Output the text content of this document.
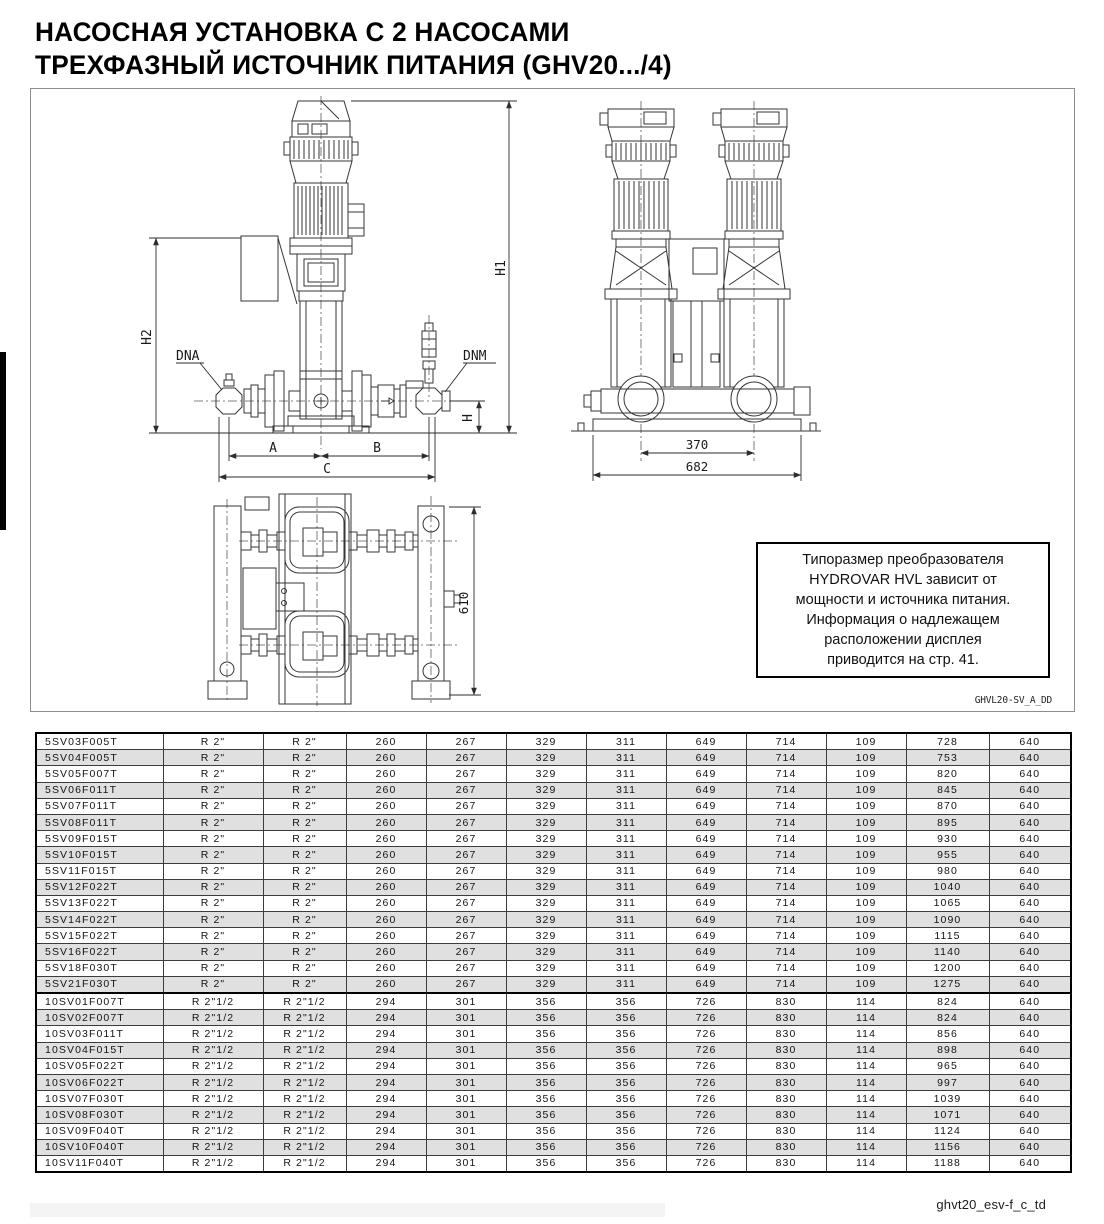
НАСОСНАЯ УСТАНОВКА С 2 НАСОСАМИ
ТРЕХФАЗНЫЙ ИСТОЧНИК ПИТАНИЯ (GHV20.../4)
H1
H2
H
A	B
C
DNA	DNM
370
682
610
Типоразмер преобразователя
HYDROVAR HVL зависит от
мощности и источника питания.
Информация о надлежащем
расположении дисплея
приводится на стр. 41.
GHVL20-SV_A_DD
5SV03F005T	R 2"	R 2"	260	267	329	311	649	714	109	728	640
5SV04F005T	R 2"	R 2"	260	267	329	311	649	714	109	753	640
5SV05F007T	R 2"	R 2"	260	267	329	311	649	714	109	820	640
5SV06F011T	R 2"	R 2"	260	267	329	311	649	714	109	845	640
5SV07F011T	R 2"	R 2"	260	267	329	311	649	714	109	870	640
5SV08F011T	R 2"	R 2"	260	267	329	311	649	714	109	895	640
5SV09F015T	R 2"	R 2"	260	267	329	311	649	714	109	930	640
5SV10F015T	R 2"	R 2"	260	267	329	311	649	714	109	955	640
5SV11F015T	R 2"	R 2"	260	267	329	311	649	714	109	980	640
5SV12F022T	R 2"	R 2"	260	267	329	311	649	714	109	1040	640
5SV13F022T	R 2"	R 2"	260	267	329	311	649	714	109	1065	640
5SV14F022T	R 2"	R 2"	260	267	329	311	649	714	109	1090	640
5SV15F022T	R 2"	R 2"	260	267	329	311	649	714	109	1115	640
5SV16F022T	R 2"	R 2"	260	267	329	311	649	714	109	1140	640
5SV18F030T	R 2"	R 2"	260	267	329	311	649	714	109	1200	640
5SV21F030T	R 2"	R 2"	260	267	329	311	649	714	109	1275	640
10SV01F007T	R 2"1/2	R 2"1/2	294	301	356	356	726	830	114	824	640
10SV02F007T	R 2"1/2	R 2"1/2	294	301	356	356	726	830	114	824	640
10SV03F011T	R 2"1/2	R 2"1/2	294	301	356	356	726	830	114	856	640
10SV04F015T	R 2"1/2	R 2"1/2	294	301	356	356	726	830	114	898	640
10SV05F022T	R 2"1/2	R 2"1/2	294	301	356	356	726	830	114	965	640
10SV06F022T	R 2"1/2	R 2"1/2	294	301	356	356	726	830	114	997	640
10SV07F030T	R 2"1/2	R 2"1/2	294	301	356	356	726	830	114	1039	640
10SV08F030T	R 2"1/2	R 2"1/2	294	301	356	356	726	830	114	1071	640
10SV09F040T	R 2"1/2	R 2"1/2	294	301	356	356	726	830	114	1124	640
10SV10F040T	R 2"1/2	R 2"1/2	294	301	356	356	726	830	114	1156	640
10SV11F040T	R 2"1/2	R 2"1/2	294	301	356	356	726	830	114	1188	640
ghvt20_esv-f_c_td
